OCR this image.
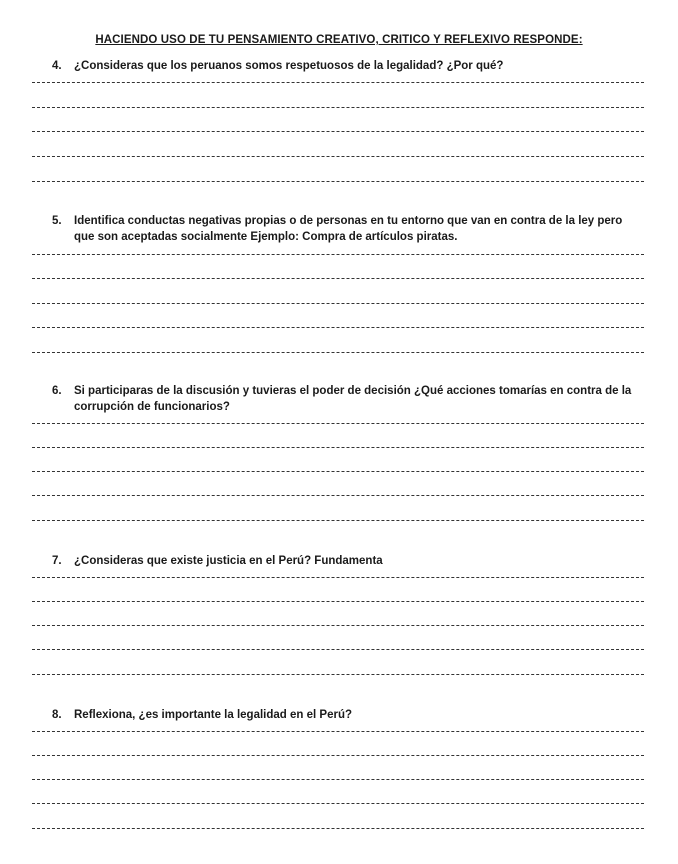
HACIENDO USO DE TU PENSAMIENTO CREATIVO, CRITICO Y REFLEXIVO RESPONDE:
4.	¿Consideras que los peruanos somos respetuosos de la legalidad? ¿Por qué?
5.	Identifica conductas negativas propias o de personas en tu entorno que van en contra de la ley pero que son aceptadas socialmente Ejemplo: Compra de artículos piratas.
6.	Si participaras de la discusión y tuvieras el poder de decisión ¿Qué acciones tomarías en contra de la corrupción de funcionarios?
7.	¿Consideras que existe justicia en el Perú? Fundamenta
8.	Reflexiona, ¿es importante la legalidad en el Perú?
